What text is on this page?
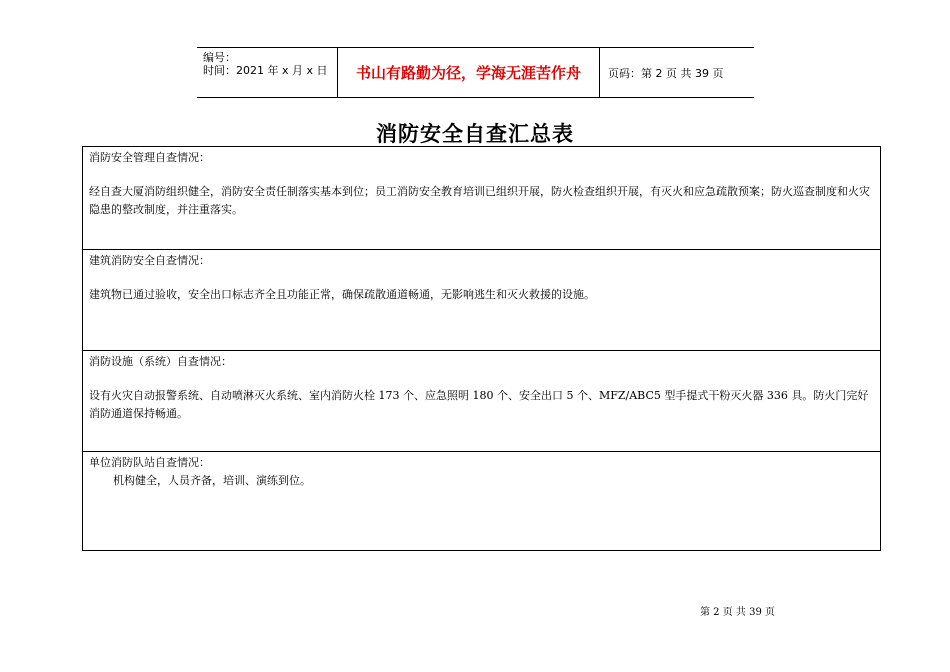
编号：
时间：2021 年 x 月 x 日	书山有路勤为径，学海无涯苦作舟	页码：第 2 页 共 39 页
消防安全自查汇总表
消防安全管理自查情况：
经自查大厦消防组织健全，消防安全责任制落实基本到位；员工消防安全教育培训已组织开展，防火检查组织开展，有灭火和应急疏散预案；防火巡查制度和火灾隐患的整改制度，并注重落实。
建筑消防安全自查情况：
建筑物已通过验收，安全出口标志齐全且功能正常，确保疏散通道畅通，无影响逃生和灭火救援的设施。
消防设施（系统）自查情况：
设有火灾自动报警系统、自动喷淋灭火系统、室内消防火栓 173 个、应急照明 180 个、安全出口 5 个、MFZ/ABC5 型手提式干粉灭火器 336 具。防火门完好消防通道保持畅通。
单位消防队站自查情况：
机构健全，人员齐备，培训、演练到位。
第 2 页 共 39 页
